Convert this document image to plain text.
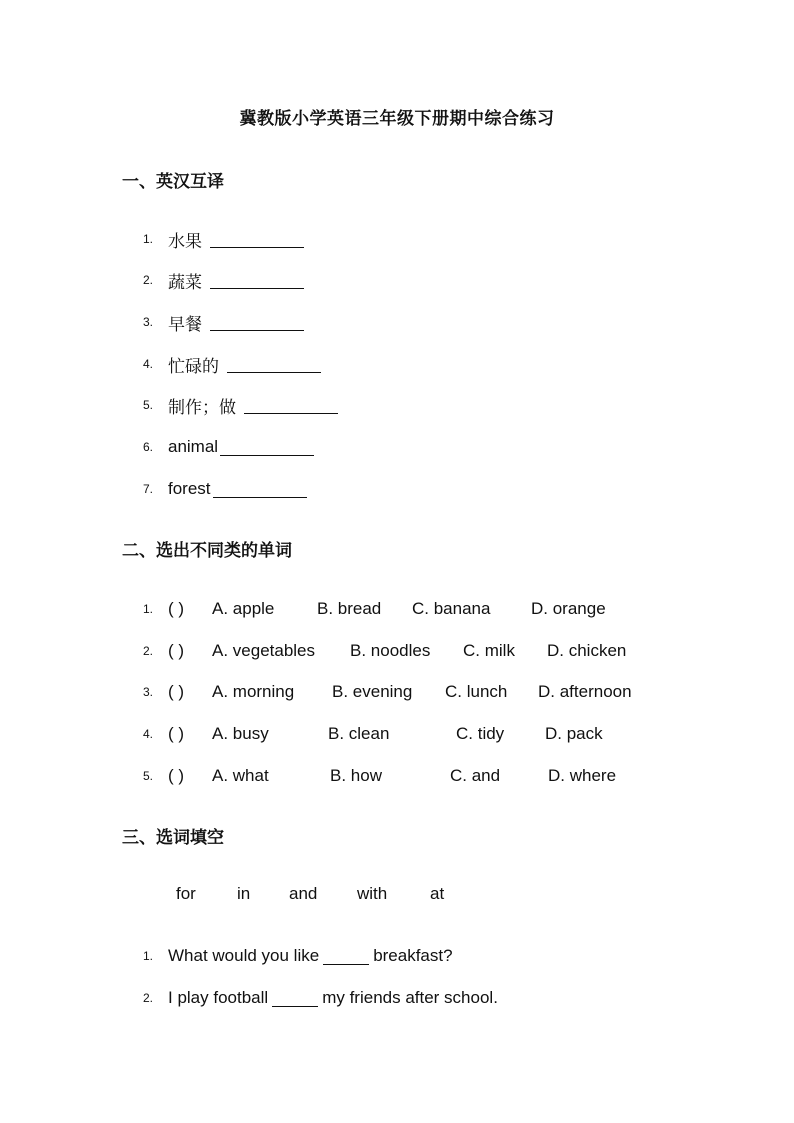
冀教版小学英语三年级下册期中综合练习
一、英汉互译
1. 水果
2. 蔬菜
3. 早餐
4. 忙碌的
5. 制作；做
6. animal
7. forest
二、选出不同类的单词
1. ( )	A. apple	B. bread C. banana D. orange
2. ( )	A. vegetables B. noodles C. milk D. chicken
3. ( )	A. morning B. evening C. lunch D. afternoon
4. ( )	A. busy	B. clean	C. tidy D. pack
5. ( )	A. what	B. how	C. and	D. where
三、选词填空
for in and with	at
1. What would you like	breakfast?
2. I play football	my friends after school.
